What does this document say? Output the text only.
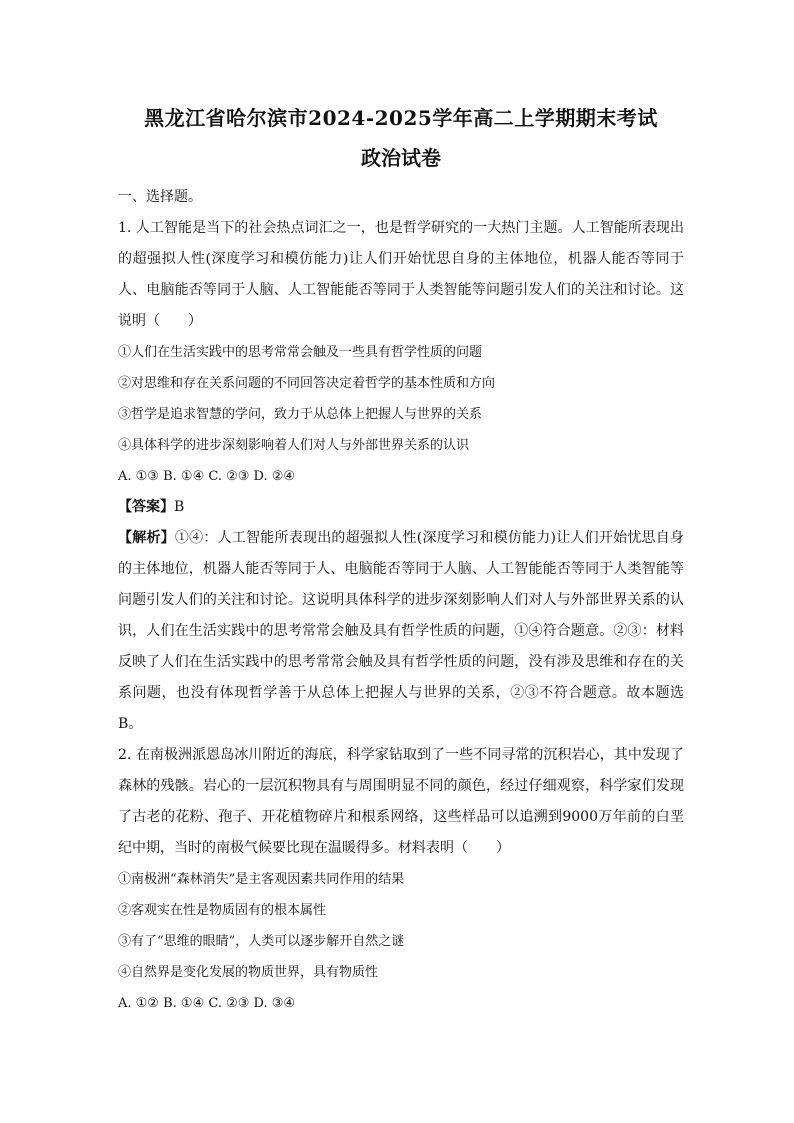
黑龙江省哈尔滨市2024-2025学年高二上学期期末考试
政治试卷

一、选择题。

1. 人工智能是当下的社会热点词汇之一，也是哲学研究的一大热门主题。人工智能所表现出的超强拟人性(深度学习和模仿能力)让人们开始忧思自身的主体地位，机器人能否等同于人、电脑能否等同于人脑、人工智能能否等同于人类智能等问题引发人们的关注和讨论。这说明（　　）

①人们在生活实践中的思考常常会触及一些具有哲学性质的问题

②对思维和存在关系问题的不同回答决定着哲学的基本性质和方向

③哲学是追求智慧的学问，致力于从总体上把握人与世界的关系

④具体科学的进步深刻影响着人们对人与外部世界关系的认识

A. ①③ B. ①④ C. ②③ D. ②④

【答案】B

【解析】①④：人工智能所表现出的超强拟人性(深度学习和模仿能力)让人们开始忧思自身的主体地位，机器人能否等同于人、电脑能否等同于人脑、人工智能能否等同于人类智能等问题引发人们的关注和讨论。这说明具体科学的进步深刻影响人们对人与外部世界关系的认识，人们在生活实践中的思考常常会触及具有哲学性质的问题，①④符合题意。②③：材料反映了人们在生活实践中的思考常常会触及具有哲学性质的问题，没有涉及思维和存在的关系问题，也没有体现哲学善于从总体上把握人与世界的关系，②③不符合题意。故本题选B。

2. 在南极洲派恩岛冰川附近的海底，科学家钻取到了一些不同寻常的沉积岩心，其中发现了森林的残骸。岩心的一层沉积物具有与周围明显不同的颜色，经过仔细观察，科学家们发现了古老的花粉、孢子、开花植物碎片和根系网络，这些样品可以追溯到9000万年前的白垩纪中期，当时的南极气候要比现在温暖得多。材料表明（　　）

①南极洲“森林消失”是主客观因素共同作用的结果

②客观实在性是物质固有的根本属性

③有了“思维的眼睛”，人类可以逐步解开自然之谜

④自然界是变化发展的物质世界，具有物质性

A. ①② B. ①④ C. ②③ D. ③④
